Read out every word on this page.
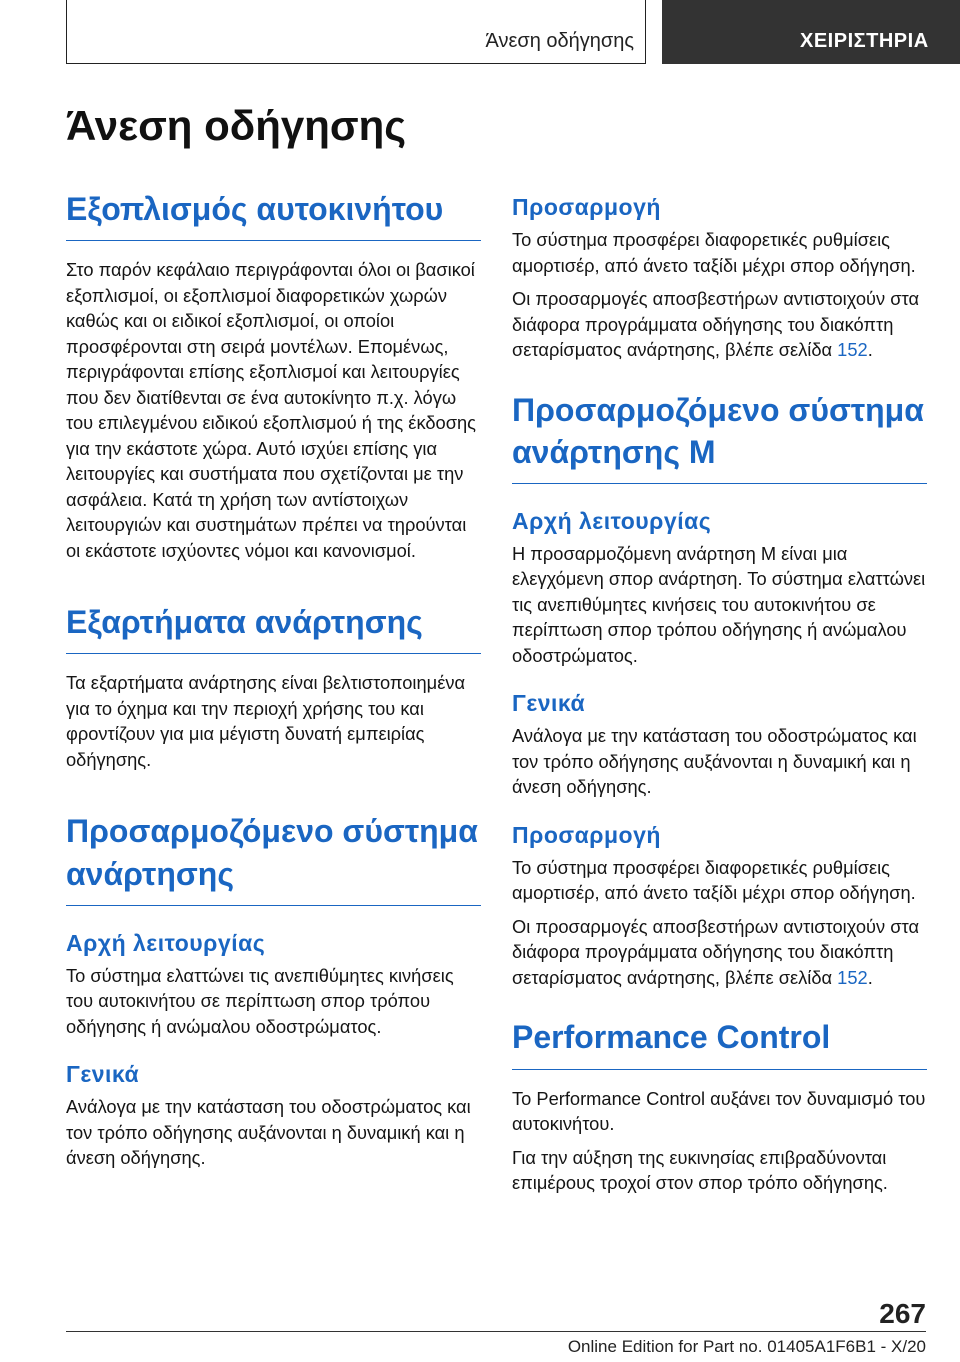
Άνεση οδήγησης	ΧΕΙΡΙΣΤΗΡΙΑ
Άνεση οδήγησης
Εξοπλισμός αυτοκινήτου

Στο παρόν κεφάλαιο περιγράφονται όλοι οι βασικοί εξοπλισμοί, οι εξοπλισμοί διαφορετικών χωρών καθώς και οι ειδικοί εξοπλισμοί, οι οποίοι προσφέρονται στη σειρά μοντέλων. Επομένως, περιγράφονται επίσης εξοπλισμοί και λειτουργίες που δεν διατίθενται σε ένα αυτοκίνητο π.χ. λόγω του επιλεγμένου ειδικού εξοπλισμού ή της έκδοσης για την εκάστοτε χώρα. Αυτό ισχύει επίσης για λειτουργίες και συστήματα που σχετίζονται με την ασφάλεια. Κατά τη χρήση των αντίστοιχων λειτουργιών και συστημάτων πρέπει να τηρούνται οι εκάστοτε ισχύοντες νόμοι και κανονισμοί.

Εξαρτήματα ανάρτησης

Τα εξαρτήματα ανάρτησης είναι βελτιστοποιημένα για το όχημα και την περιοχή χρήσης του και φροντίζουν για μια μέγιστη δυνατή εμπειρίας οδήγησης.

Προσαρμοζόμενο σύστημα ανάρτησης
Αρχή λειτουργίας

Το σύστημα ελαττώνει τις ανεπιθύμητες κινήσεις του αυτοκινήτου σε περίπτωση σπορ τρόπου οδήγησης ή ανώμαλου οδοστρώματος.

Γενικά

Ανάλογα με την κατάσταση του οδοστρώματος και τον τρόπο οδήγησης αυξάνονται η δυναμική και η άνεση οδήγησης.

Προσαρμογή

Το σύστημα προσφέρει διαφορετικές ρυθμίσεις αμορτισέρ, από άνετο ταξίδι μέχρι σπορ οδήγηση.

Οι προσαρμογές αποσβεστήρων αντιστοιχούν στα διάφορα προγράμματα οδήγησης του διακόπτη σεταρίσματος ανάρτησης, βλέπε σελίδα 152.

Προσαρμοζόμενο σύστημα ανάρτησης M
Αρχή λειτουργίας

Η προσαρμοζόμενη ανάρτηση M είναι μια ελεγχόμενη σπορ ανάρτηση. Το σύστημα ελαττώνει τις ανεπιθύμητες κινήσεις του αυτοκινήτου σε περίπτωση σπορ τρόπου οδήγησης ή ανώμαλου οδοστρώματος.

Γενικά

Ανάλογα με την κατάσταση του οδοστρώματος και τον τρόπο οδήγησης αυξάνονται η δυναμική και η άνεση οδήγησης.

Προσαρμογή

Το σύστημα προσφέρει διαφορετικές ρυθμίσεις αμορτισέρ, από άνετο ταξίδι μέχρι σπορ οδήγηση.

Οι προσαρμογές αποσβεστήρων αντιστοιχούν στα διάφορα προγράμματα οδήγησης του διακόπτη σεταρίσματος ανάρτησης, βλέπε σελίδα 152.

Performance Control

Το Performance Control αυξάνει τον δυναμισμό του αυτοκινήτου.

Για την αύξηση της ευκινησίας επιβραδύνονται επιμέρους τροχοί στον σπορ τρόπο οδήγησης.

267
Online Edition for Part no. 01405A1F6B1 - X/20
